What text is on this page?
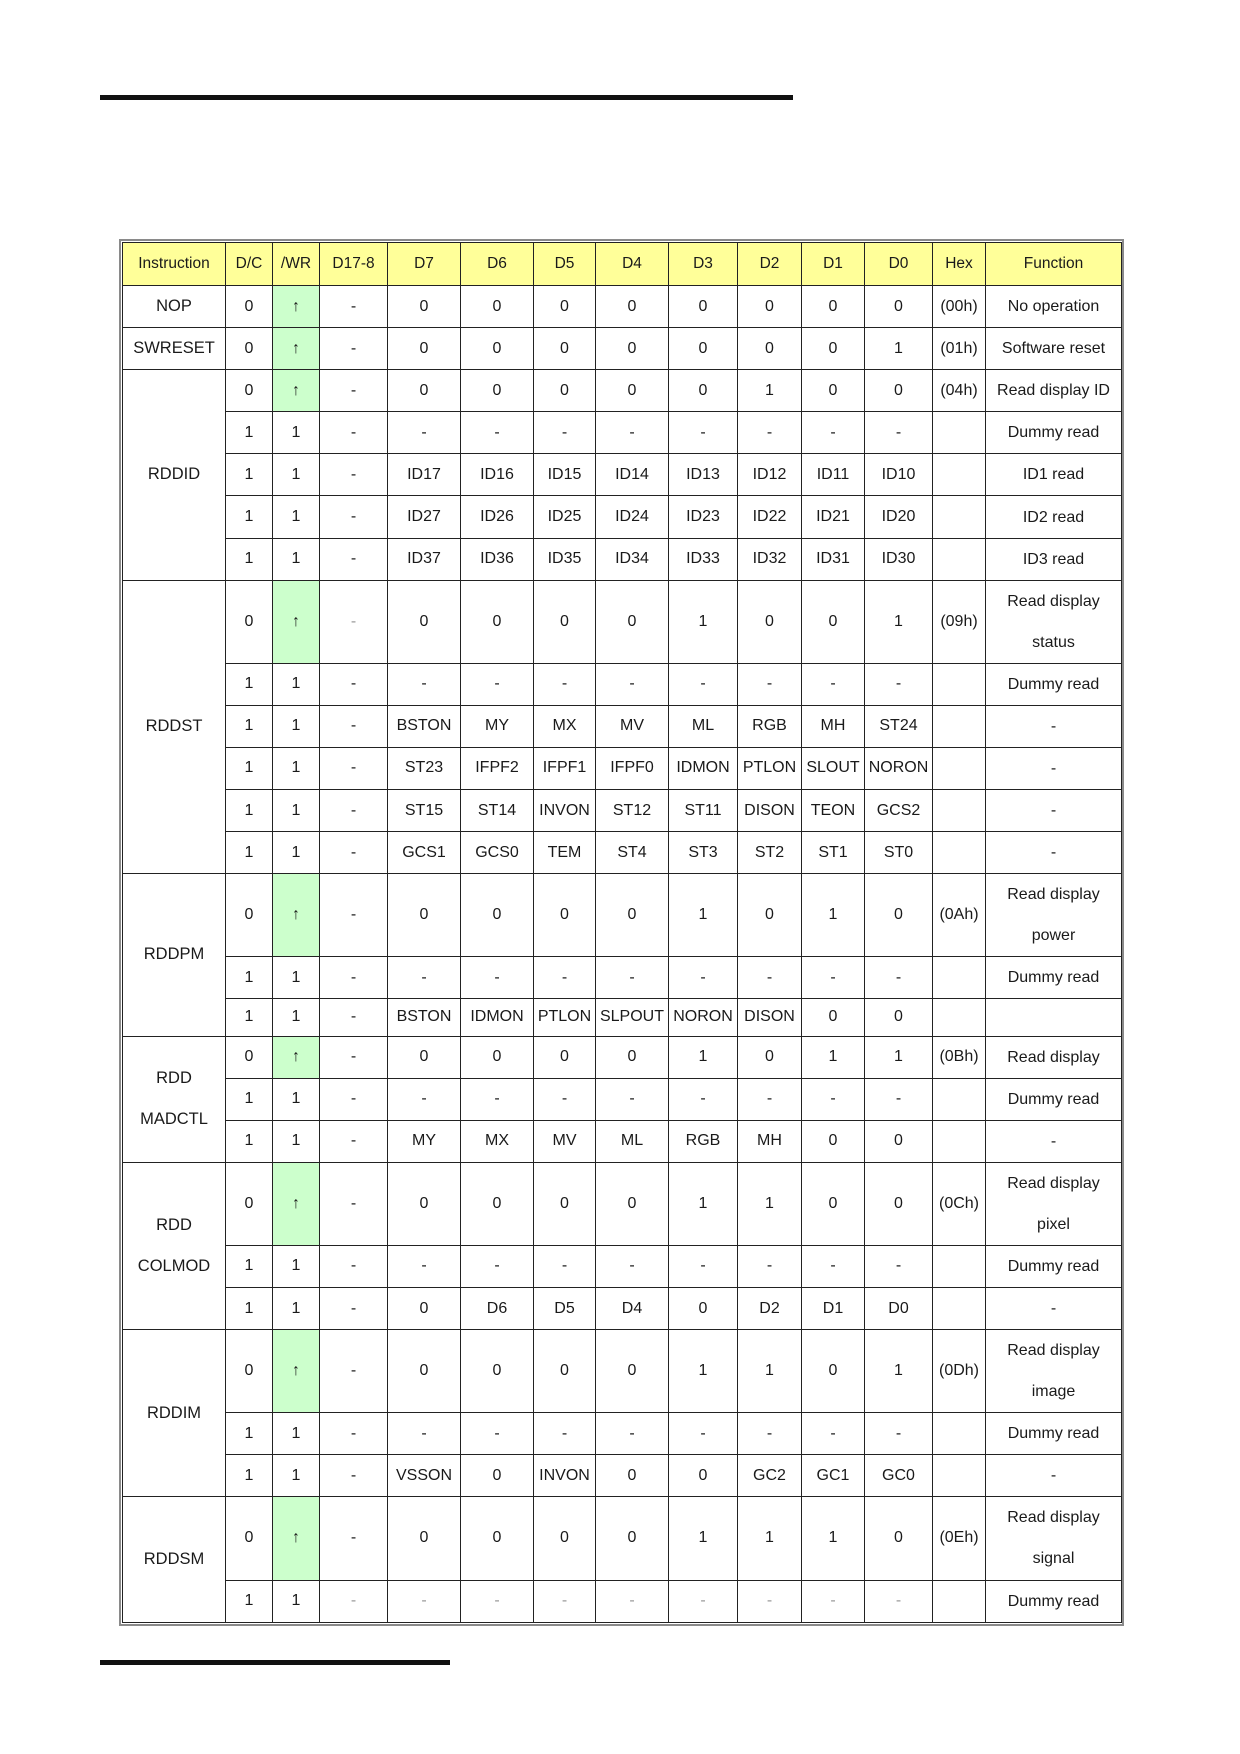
Instruction	D/C	/WR	D17-8	D7	D6	D5	D4	D3	D2	D1	D0	Hex	Function
NOP	0	↑	-	0	0	0	0	0	0	0	0	(00h)	No operation
SWRESET	0	↑	-	0	0	0	0	0	0	0	1	(01h)	Software reset
RDDID	0	↑	-	0	0	0	0	0	1	0	0	(04h)	Read display ID
	1	1	-	-	-	-	-	-	-	-	-		Dummy read
	1	1	-	ID17	ID16	ID15	ID14	ID13	ID12	ID11	ID10		ID1 read
	1	1	-	ID27	ID26	ID25	ID24	ID23	ID22	ID21	ID20		ID2 read
	1	1	-	ID37	ID36	ID35	ID34	ID33	ID32	ID31	ID30		ID3 read
RDDST	0	↑	-	0	0	0	0	1	0	0	1	(09h)	Read display
status
	1	1	-	-	-	-	-	-	-	-	-		Dummy read
	1	1	-	BSTON	MY	MX	MV	ML	RGB	MH	ST24		-
	1	1	-	ST23	IFPF2	IFPF1	IFPF0	IDMON	PTLON	SLOUT	NORON		-
	1	1	-	ST15	ST14	INVON	ST12	ST11	DISON	TEON	GCS2		-
	1	1	-	GCS1	GCS0	TEM	ST4	ST3	ST2	ST1	ST0		-
RDDPM	0	↑	-	0	0	0	0	1	0	1	0	(0Ah)	Read display
power
	1	1	-	-	-	-	-	-	-	-	-		Dummy read
	1	1	-	BSTON	IDMON	PTLON	SLPOUT	NORON	DISON	0	0		
RDD
MADCTL	0	↑	-	0	0	0	0	1	0	1	1	(0Bh)	Read display
	1	1	-	-	-	-	-	-	-	-	-		Dummy read
	1	1	-	MY	MX	MV	ML	RGB	MH	0	0		-
RDD
COLMOD	0	↑	-	0	0	0	0	1	1	0	0	(0Ch)	Read display
pixel
	1	1	-	-	-	-	-	-	-	-	-		Dummy read
	1	1	-	0	D6	D5	D4	0	D2	D1	D0		-
RDDIM	0	↑	-	0	0	0	0	1	1	0	1	(0Dh)	Read display
image
	1	1	-	-	-	-	-	-	-	-	-		Dummy read
	1	1	-	VSSON	0	INVON	0	0	GC2	GC1	GC0		-
RDDSM	0	↑	-	0	0	0	0	1	1	1	0	(0Eh)	Read display
signal
	1	1	-	-	-	-	-	-	-	-	-		Dummy read
